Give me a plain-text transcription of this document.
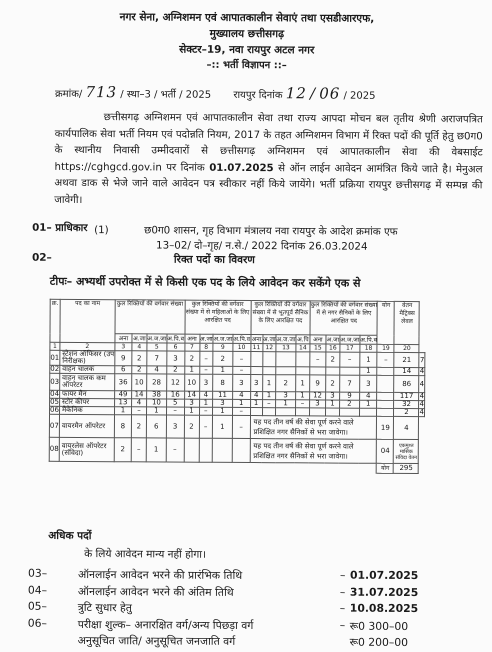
नगर सेना, अग्निशमन एवं आपातकालीन सेवाएं तथा एसडीआरएफ,
मुख्यालय छत्तीसगढ़
सेक्टर–19, नवा रायपुर अटल नगर
–:: भर्ती विज्ञापन ::–
क्रमांक/ 713 / स्था–3 / भर्ती / 2025 रायपुर दिनांक 12 / 06 / 2025
छत्तीसगढ़ अग्निशमन एवं आपातकालीन सेवा तथा राज्य आपदा मोचन बल तृतीय श्रेणी अराजपत्रित कार्यपालिक सेवा भर्ती नियम एवं पदोन्नति नियम, 2017 के तहत अग्निशमन विभाग में रिक्त पदों की पूर्ति हेतु छ0ग0 के स्थानीय निवासी उम्मीदवारों से छत्तीसगढ़ अग्निशमन एवं आपातकालीन सेवा की वेबसाईट https://cghgcd.gov.in पर दिनांक 01.07.2025 से ऑन लाईन आवेदन आमंत्रित किये जाते है। मेनुअल अथवा डाक से भेजे जाने वाले आवेदन पत्र स्वीकार नहीं किये जायेंगे। भर्ती प्रक्रिया रायपुर छत्तीसगढ़ में सम्पन्न की जावेगी।
01– प्राधिकार (1)	छ0ग0 शासन, गृह विभाग मंत्रालय नवा रायपुर के आदेश क्रमांक एफ
13–02/ दो–गृह/ न.से./ 2022 दिनांक 26.03.2024
02–	रिक्त पदों का विवरण
टीपः– अभ्यर्थी उपरोक्त में से किसी एक पद के लिये आवेदन कर सकेंगे एक से
क्र.	पद का नाम	कुल रिक्तियों की वर्गवार संख्या				कुल रिक्तियों की वर्गवार संख्या में से महिलाओं के लिए आरक्षित पद				कुल रिक्तियों की वर्गवार संख्या में से भूतपूर्व सैनिक के लिए आरक्षित पद				कुल रिक्तियों की वर्गवार संख्या में से नगर सैनिकों के लिए आरक्षित पद				योग	वेतन मैट्रिक्स लेवल	
		अना	अ.जा	अ.ज.जा	अ.पि.व	अना	अ.जा	अ.ज.जा	अ.पि.व	अना	अ.जा	अ.ज.जा	अ.पि	अना	अ.जा	अ.ज.जा	अ.पि.व			
1	2	3	4	5	6	7	8	9	10	11	12	13	14	15	16	17	18	19	20	
01	स्टेशन ऑफिसर (उप निरीक्षक)	9	2	7	3	2	–	2	–					–	2	–	1	–	21	7
02	वाहन चालक	6	2	4	2	1	–	1	–								1		14	4
03	वाहन चालक कम ऑपरेटर	36	10	28	12	10	3	8	3	3	1	2	1	9	2	7	3		86	4
04	फायर मैन	49	14	38	16	14	4	11	4	4	1	3	1	12	3	9	4		117	4
05	स्टोर कीपर	13	4	10	5	3	1	3	1	1	–	1	–	3	1	2	1		32	4
06	मैकेनिक	1	–	1	–	1	–	1	–										2	4
07	वायरमैन ऑपरेटर	8	2	6	3	2	–	1	–	यह पद तीन वर्ष की सेवा पूर्ण करने वाले प्रशिक्षित नगर सैनिकों से भरा जावेगा।								19	4	
08	वायरलेस ऑपरेटर (संविदा)	2	–	1	–					यह पद तीन वर्ष की सेवा पूर्ण करने वाले प्रशिक्षित नगर सैनिकों से भरा जावेगा।								04	एकमुश्त मासिक संविदा वेतन	
																		योग	295	
अधिक पदों
के लिये आवेदन मान्य नहीं होगा।
03–	ऑनलाईन आवेदन भरने की प्रारंभिक तिथि	01.07.2025
–
04–	ऑनलाईन आवेदन भरने की अंतिम तिथि	31.07.2025
–
05–	त्रुटि सुधार हेतु	10.08.2025
–
06–	परीक्षा शुल्क– अनारक्षित वर्ग/अन्य पिछड़ा वर्ग	रू0 300–00
–
अनुसूचित जाति/ अनुसूचित जनजाति वर्ग	रू0 200–00
